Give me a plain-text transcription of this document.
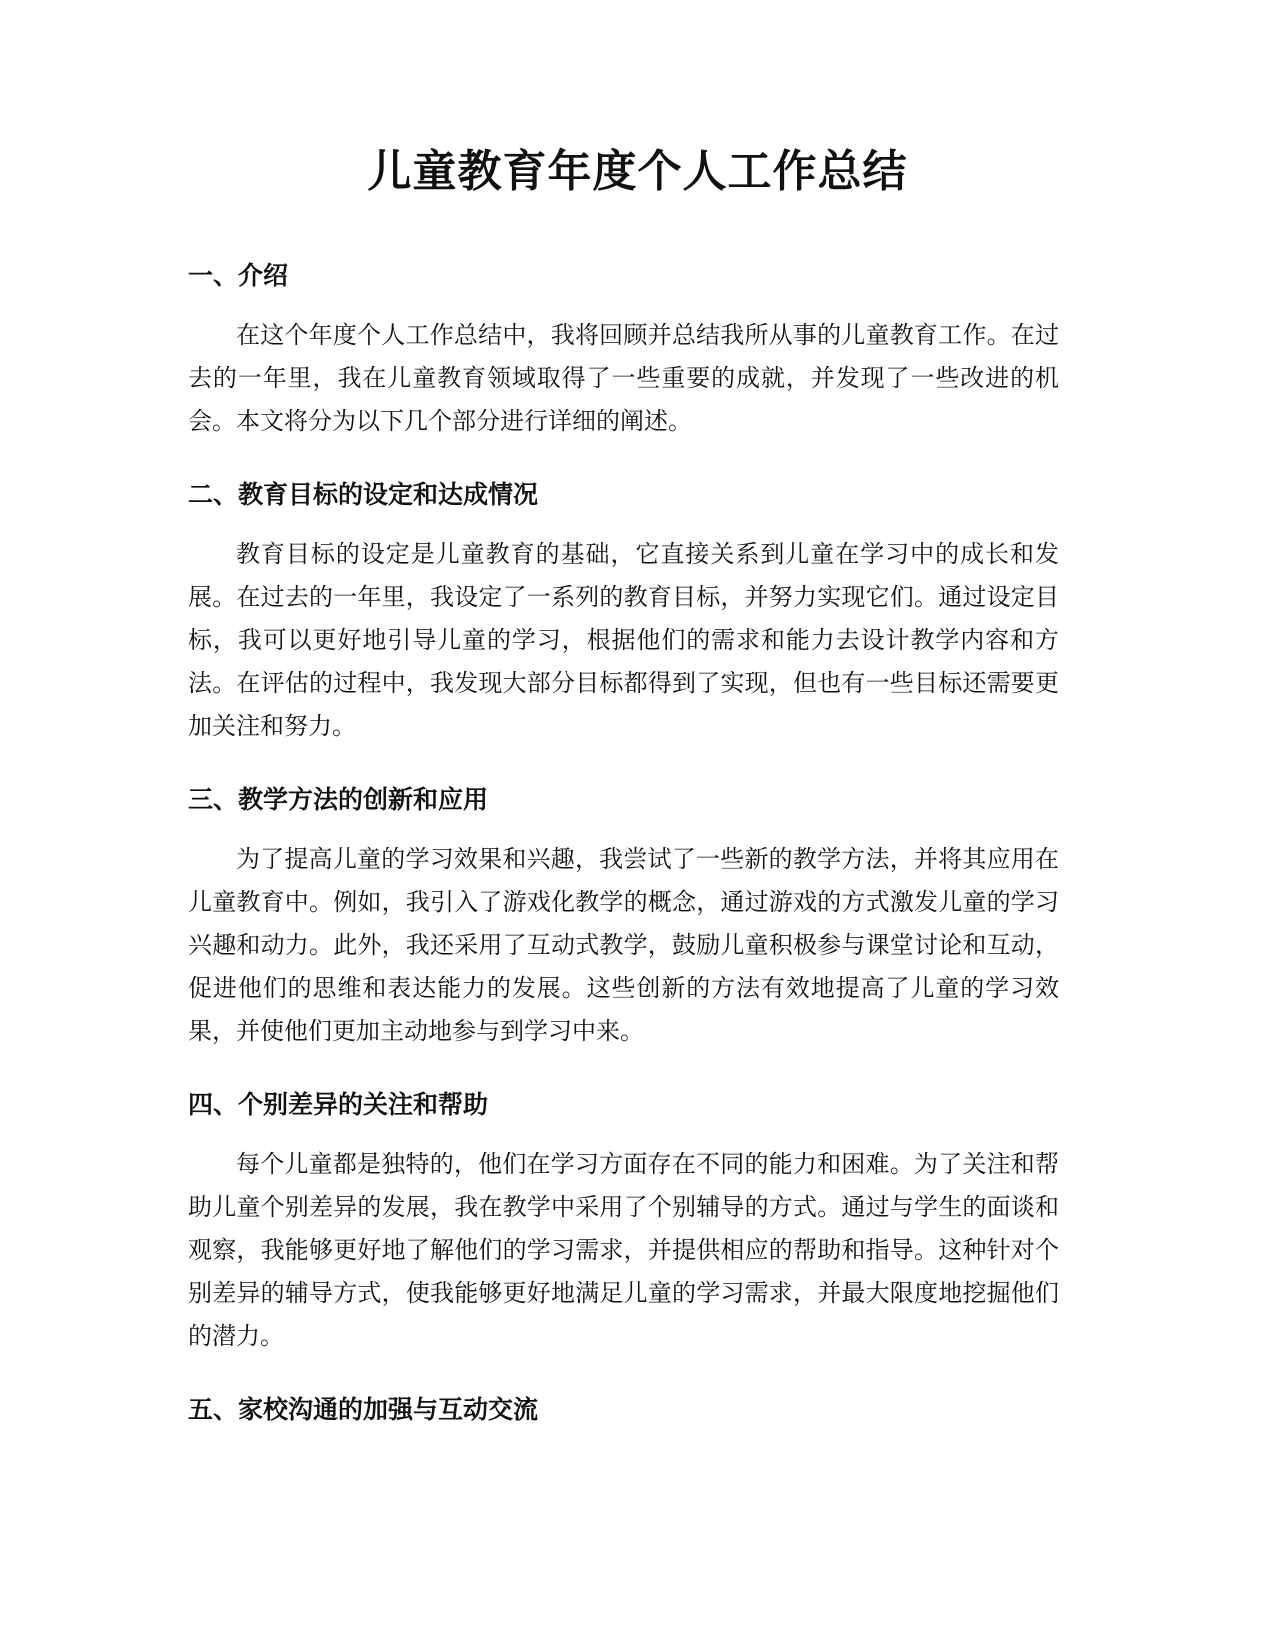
儿童教育年度个人工作总结
一、介绍

在这个年度个人工作总结中，我将回顾并总结我所从事的儿童教育工作。在过去的一年里，我在儿童教育领域取得了一些重要的成就，并发现了一些改进的机会。本文将分为以下几个部分进行详细的阐述。

二、教育目标的设定和达成情况

教育目标的设定是儿童教育的基础，它直接关系到儿童在学习中的成长和发展。在过去的一年里，我设定了一系列的教育目标，并努力实现它们。通过设定目标，我可以更好地引导儿童的学习，根据他们的需求和能力去设计教学内容和方法。在评估的过程中，我发现大部分目标都得到了实现，但也有一些目标还需要更加关注和努力。

三、教学方法的创新和应用

为了提高儿童的学习效果和兴趣，我尝试了一些新的教学方法，并将其应用在儿童教育中。例如，我引入了游戏化教学的概念，通过游戏的方式激发儿童的学习兴趣和动力。此外，我还采用了互动式教学，鼓励儿童积极参与课堂讨论和互动，促进他们的思维和表达能力的发展。这些创新的方法有效地提高了儿童的学习效果，并使他们更加主动地参与到学习中来。

四、个别差异的关注和帮助

每个儿童都是独特的，他们在学习方面存在不同的能力和困难。为了关注和帮助儿童个别差异的发展，我在教学中采用了个别辅导的方式。通过与学生的面谈和观察，我能够更好地了解他们的学习需求，并提供相应的帮助和指导。这种针对个别差异的辅导方式，使我能够更好地满足儿童的学习需求，并最大限度地挖掘他们的潜力。

五、家校沟通的加强与互动交流
